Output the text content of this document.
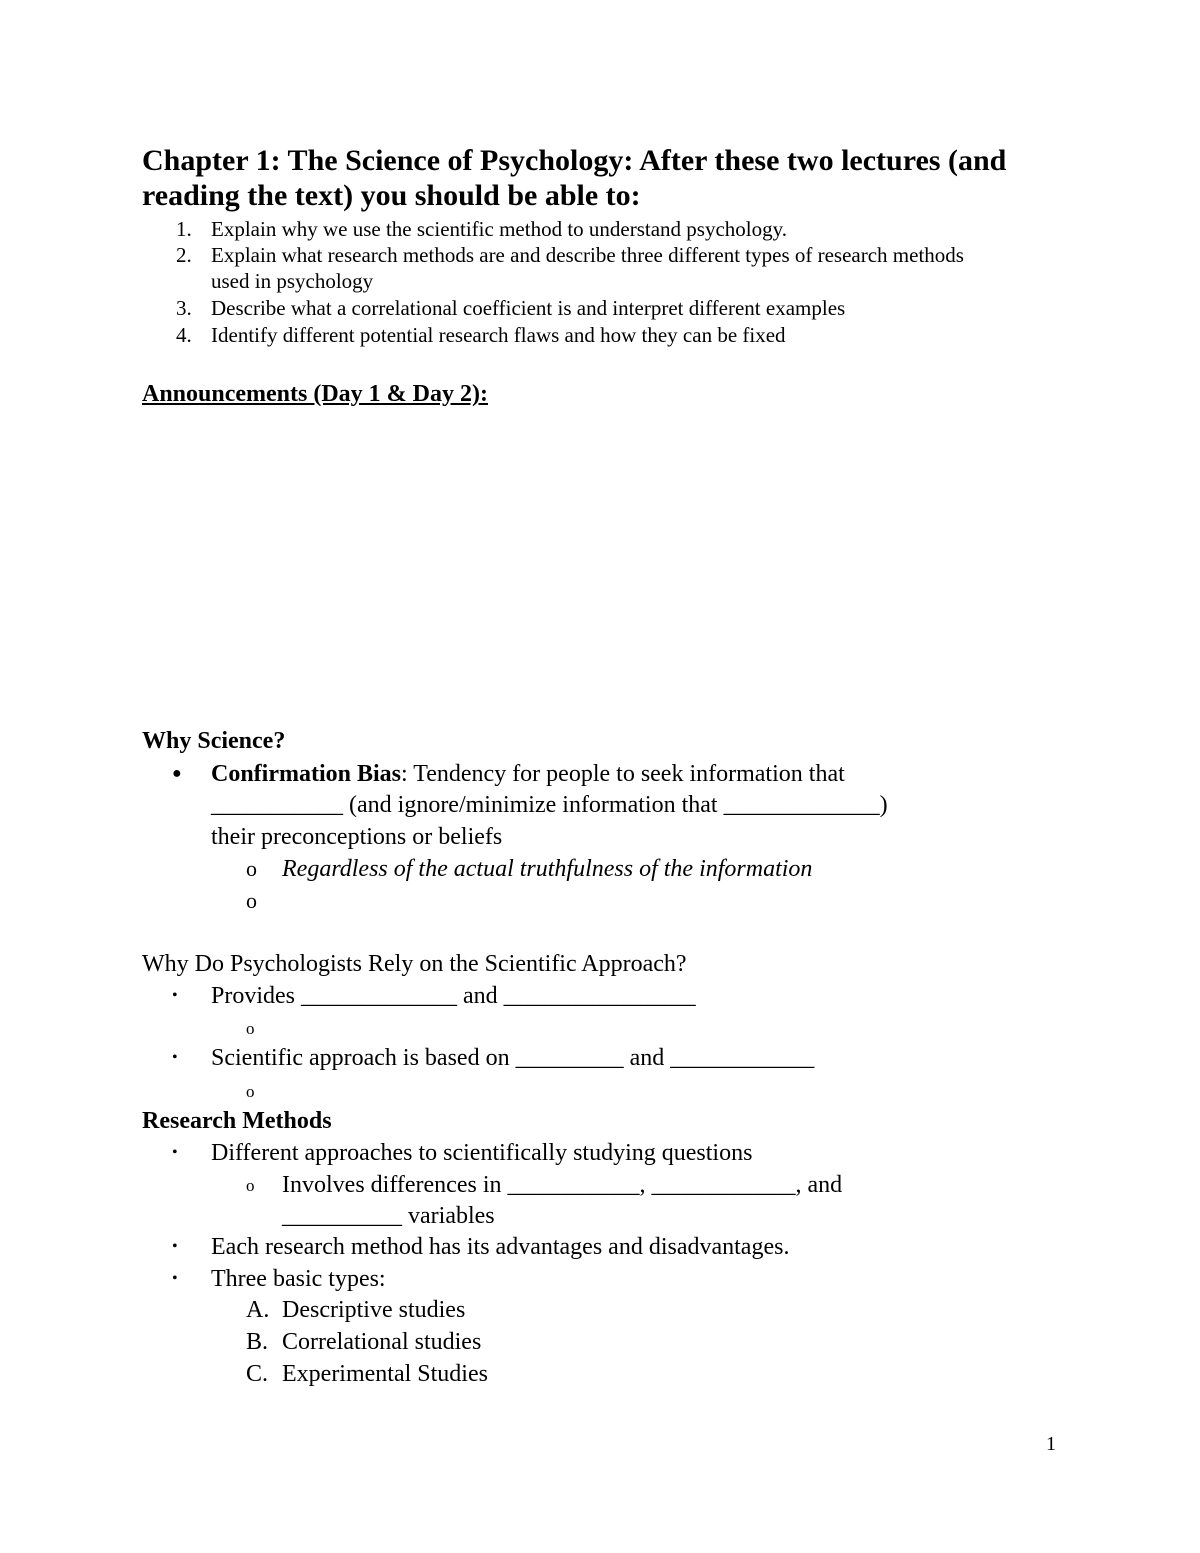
Chapter 1: The Science of Psychology: After these two lectures (and
reading the text) you should be able to:
1. Explain why we use the scientific method to understand psychology.
2. Explain what research methods are and describe three different types of research methods
used in psychology
3. Describe what a correlational coefficient is and interpret different examples
4. Identify different potential research flaws and how they can be fixed
Announcements (Day 1 & Day 2):
Why Science?
● Confirmation Bias: Tendency for people to seek information that
___________ (and ignore/minimize information that _____________)
their preconceptions or beliefs
o Regardless of the actual truthfulness of the information
o
Why Do Psychologists Rely on the Scientific Approach?
• Provides _____________ and ________________
o
• Scientific approach is based on _________ and ____________
o
Research Methods
• Different approaches to scientifically studying questions
o Involves differences in ___________, ____________, and
__________ variables
• Each research method has its advantages and disadvantages.
• Three basic types:
A. Descriptive studies
B. Correlational studies
C. Experimental Studies
1
